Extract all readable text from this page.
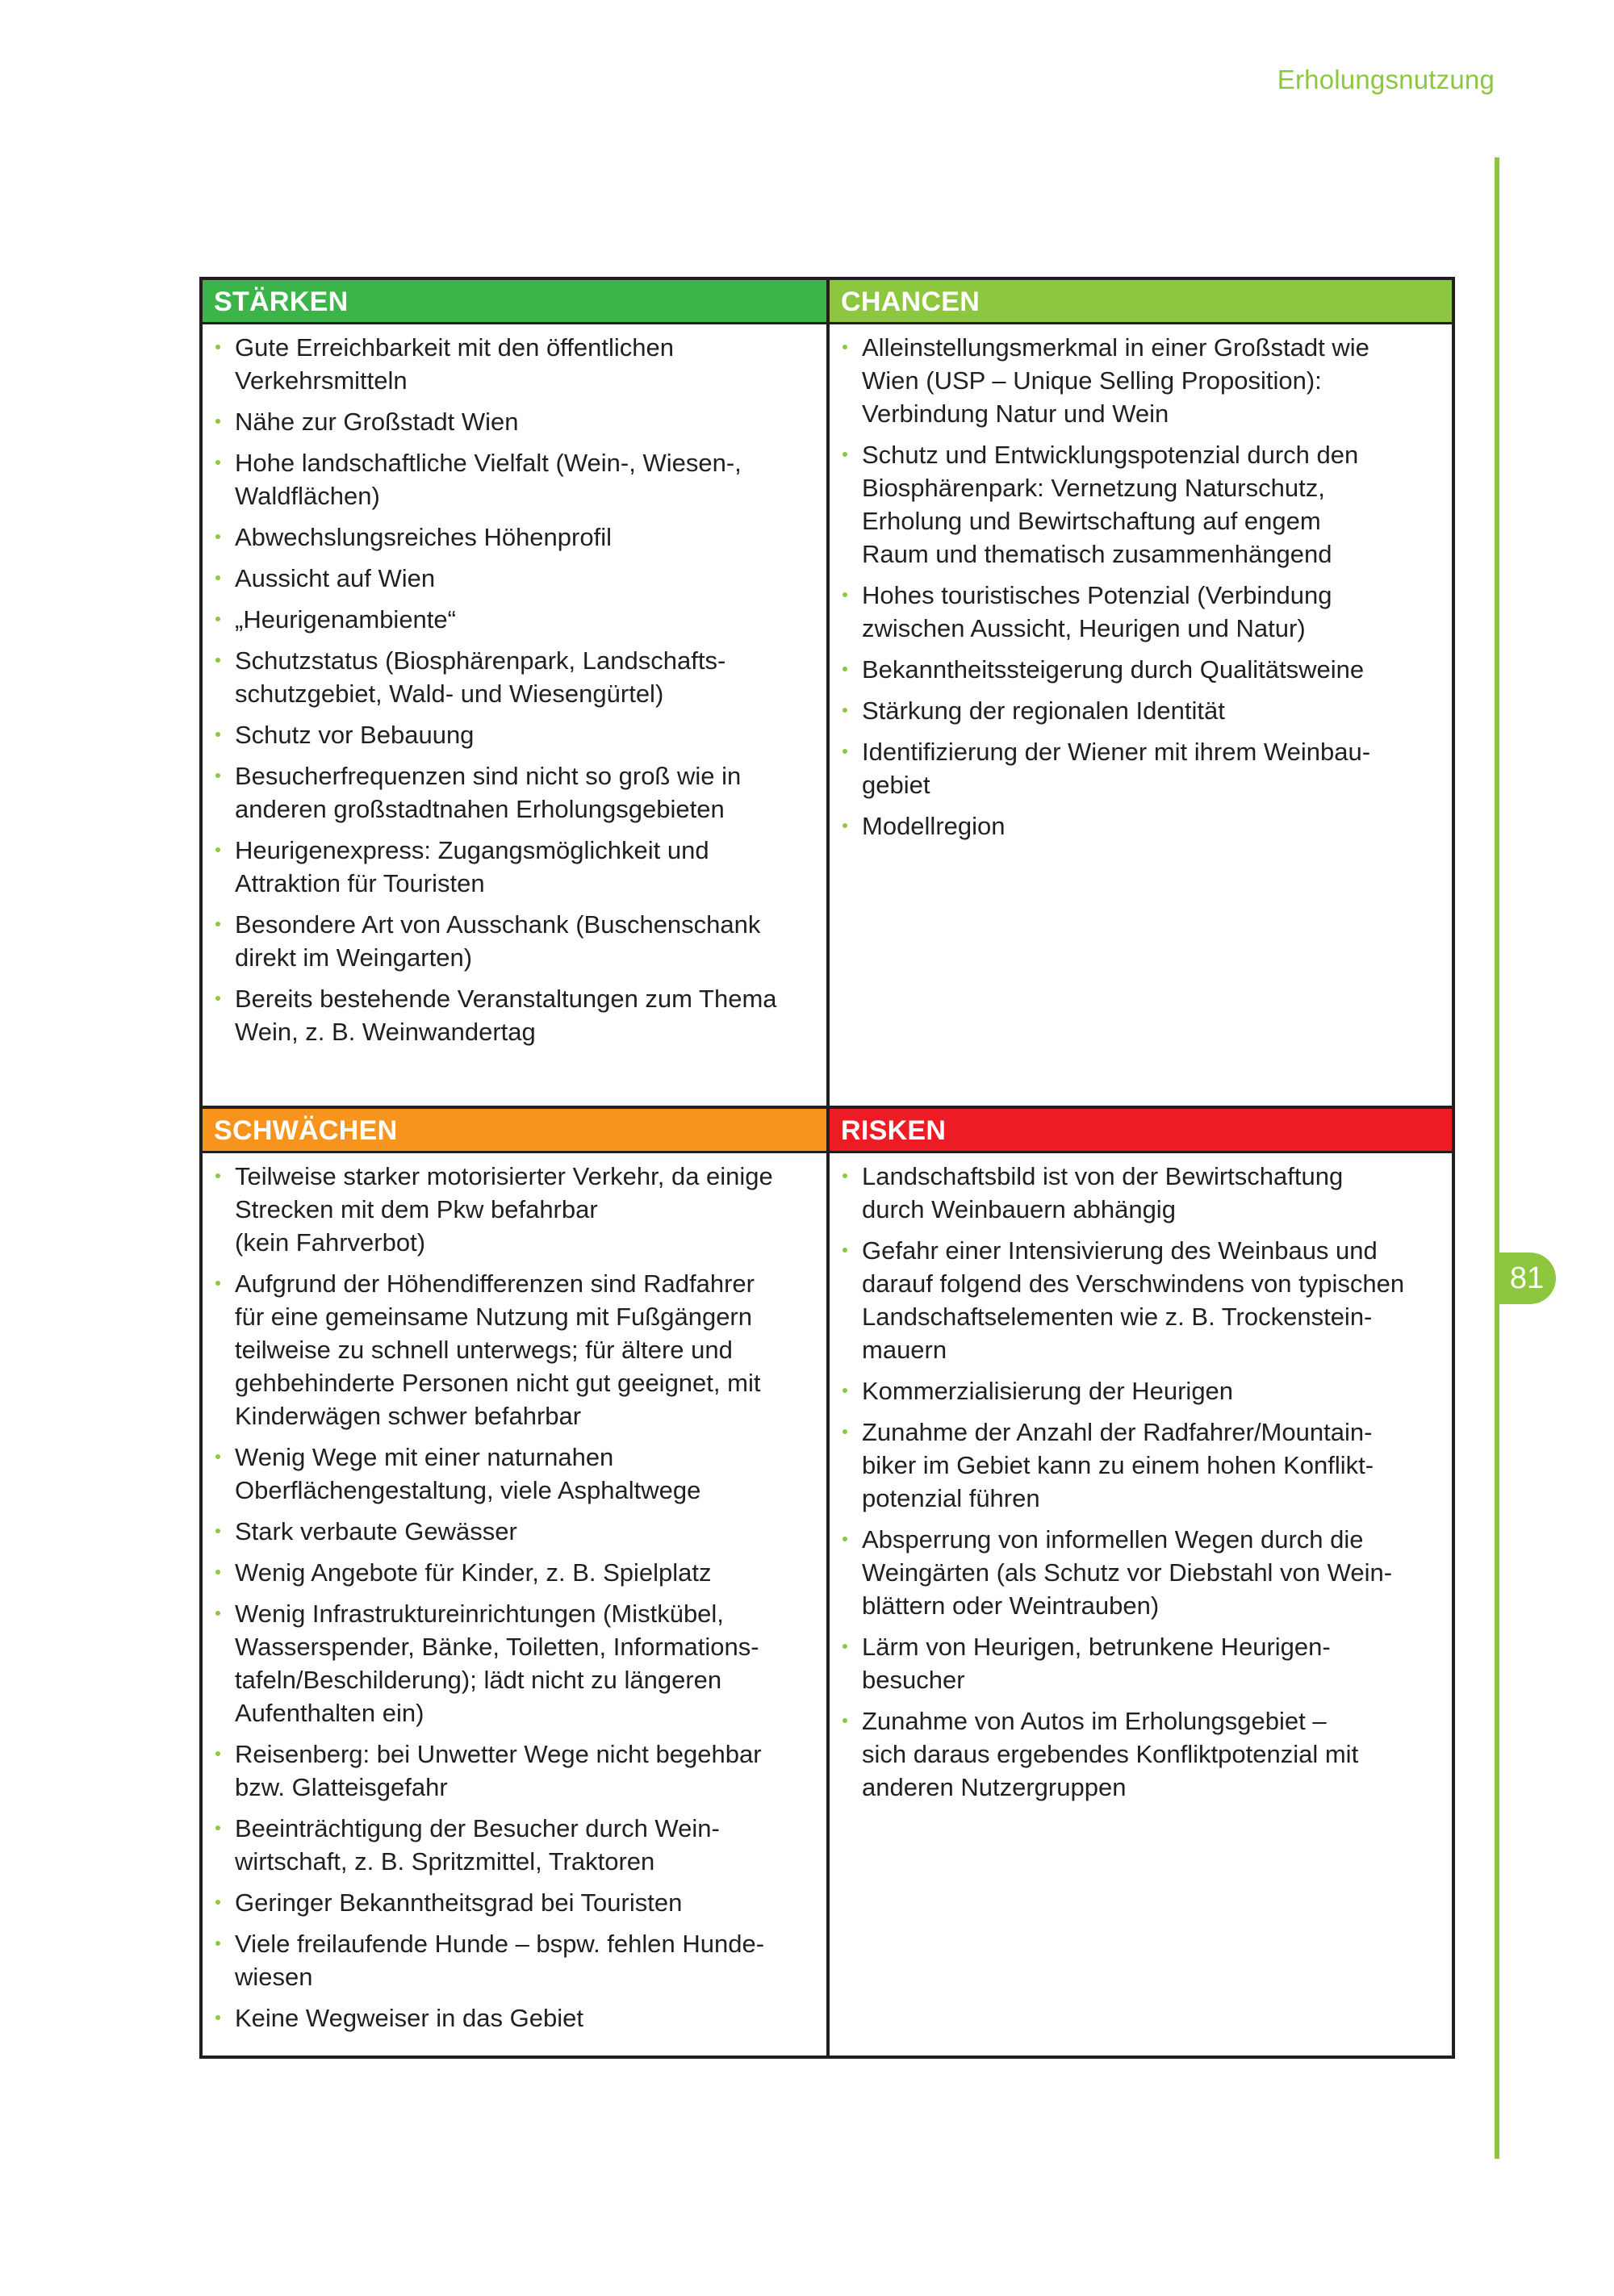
Erholungsnutzung
81
STÄRKEN
Gute Erreichbarkeit mit den öffentlichen
Verkehrsmitteln
Nähe zur Großstadt Wien
Hohe landschaftliche Vielfalt (Wein-, Wiesen-,
Waldflächen)
Abwechslungsreiches Höhenprofil
Aussicht auf Wien
„Heurigenambiente“
Schutzstatus (Biosphärenpark, Landschafts-
schutzgebiet, Wald- und Wiesengürtel)
Schutz vor Bebauung
Besucherfrequenzen sind nicht so groß wie in
anderen großstadtnahen Erholungsgebieten
Heurigenexpress: Zugangsmöglichkeit und
Attraktion für Touristen
Besondere Art von Ausschank (Buschenschank
direkt im Weingarten)
Bereits bestehende Veranstaltungen zum Thema
Wein, z. B. Weinwandertag
CHANCEN
Alleinstellungsmerkmal in einer Großstadt wie
Wien (USP – Unique Selling Proposition):
Verbindung Natur und Wein
Schutz und Entwicklungspotenzial durch den
Biosphärenpark: Vernetzung Naturschutz,
Erholung und Bewirtschaftung auf engem
Raum und thematisch zusammenhängend
Hohes touristisches Potenzial (Verbindung
zwischen Aussicht, Heurigen und Natur)
Bekanntheitssteigerung durch Qualitätsweine
Stärkung der regionalen Identität
Identifizierung der Wiener mit ihrem Weinbau-
gebiet
Modellregion
SCHWÄCHEN
Teilweise starker motorisierter Verkehr, da einige
Strecken mit dem Pkw befahrbar
(kein Fahrverbot)
Aufgrund der Höhendifferenzen sind Radfahrer
für eine gemeinsame Nutzung mit Fußgängern
teilweise zu schnell unterwegs; für ältere und
gehbehinderte Personen nicht gut geeignet, mit
Kinderwägen schwer befahrbar
Wenig Wege mit einer naturnahen
Oberflächengestaltung, viele Asphaltwege
Stark verbaute Gewässer
Wenig Angebote für Kinder, z. B. Spielplatz
Wenig Infrastruktureinrichtungen (Mistkübel,
Wasserspender, Bänke, Toiletten, Informations-
tafeln/Beschilderung); lädt nicht zu längeren
Aufenthalten ein)
Reisenberg: bei Unwetter Wege nicht begehbar
bzw. Glatteisgefahr
Beeinträchtigung der Besucher durch Wein-
wirtschaft, z. B. Spritzmittel, Traktoren
Geringer Bekanntheitsgrad bei Touristen
Viele freilaufende Hunde – bspw. fehlen Hunde-
wiesen
Keine Wegweiser in das Gebiet
RISKEN
Landschaftsbild ist von der Bewirtschaftung
durch Weinbauern abhängig
Gefahr einer Intensivierung des Weinbaus und
darauf folgend des Verschwindens von typischen
Landschaftselementen wie z. B. Trockenstein-
mauern
Kommerzialisierung der Heurigen
Zunahme der Anzahl der Radfahrer/Mountain-
biker im Gebiet kann zu einem hohen Konflikt-
potenzial führen
Absperrung von informellen Wegen durch die
Weingärten (als Schutz vor Diebstahl von Wein-
blättern oder Weintrauben)
Lärm von Heurigen, betrunkene Heurigen-
besucher
Zunahme von Autos im Erholungsgebiet –
sich daraus ergebendes Konfliktpotenzial mit
anderen Nutzergruppen
